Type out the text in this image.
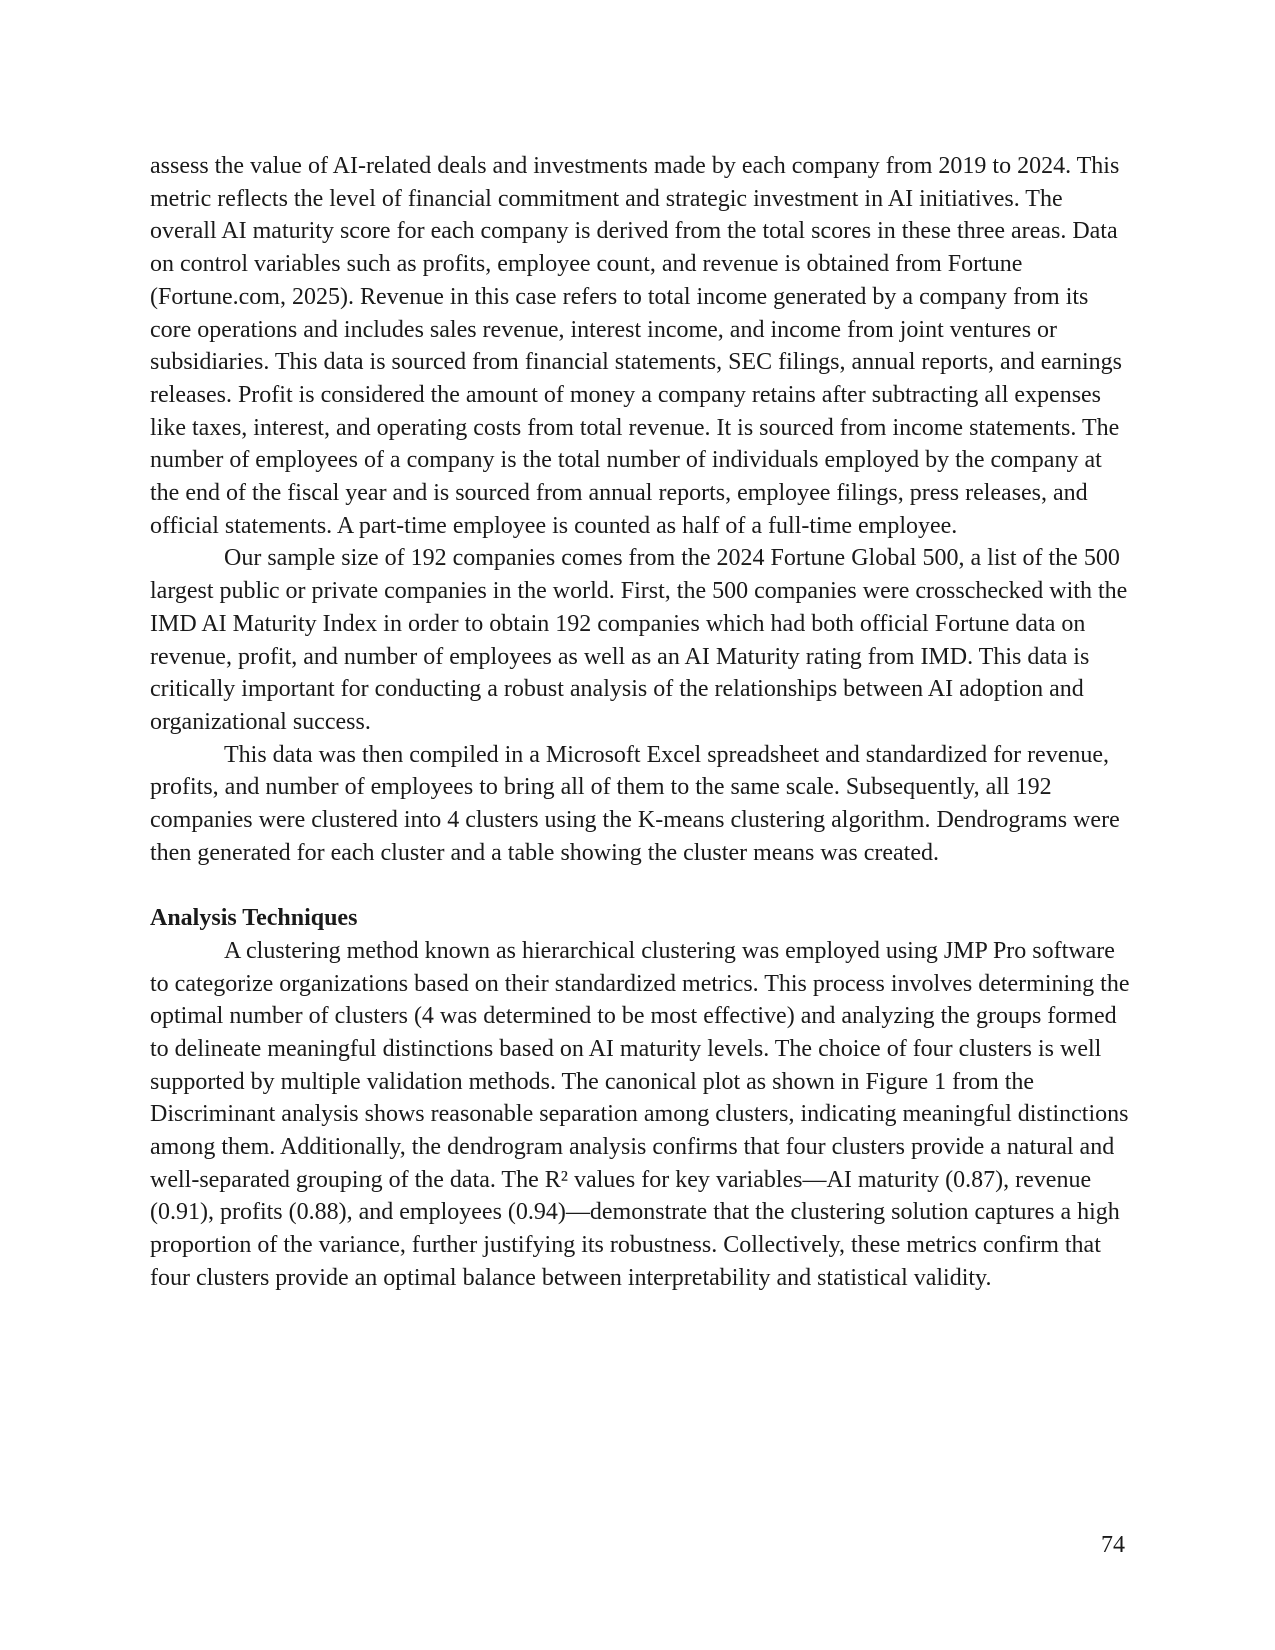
assess the value of AI-related deals and investments made by each company from 2019 to 2024. This metric reflects the level of financial commitment and strategic investment in AI initiatives. The overall AI maturity score for each company is derived from the total scores in these three areas. Data on control variables such as profits, employee count, and revenue is obtained from Fortune (Fortune.com, 2025). Revenue in this case refers to total income generated by a company from its core operations and includes sales revenue, interest income, and income from joint ventures or subsidiaries. This data is sourced from financial statements, SEC filings, annual reports, and earnings releases. Profit is considered the amount of money a company retains after subtracting all expenses like taxes, interest, and operating costs from total revenue. It is sourced from income statements. The number of employees of a company is the total number of individuals employed by the company at the end of the fiscal year and is sourced from annual reports, employee filings, press releases, and official statements. A part-time employee is counted as half of a full-time employee.

Our sample size of 192 companies comes from the 2024 Fortune Global 500, a list of the 500 largest public or private companies in the world. First, the 500 companies were crosschecked with the IMD AI Maturity Index in order to obtain 192 companies which had both official Fortune data on revenue, profit, and number of employees as well as an AI Maturity rating from IMD. This data is critically important for conducting a robust analysis of the relationships between AI adoption and organizational success.

This data was then compiled in a Microsoft Excel spreadsheet and standardized for revenue, profits, and number of employees to bring all of them to the same scale. Subsequently, all 192 companies were clustered into 4 clusters using the K-means clustering algorithm. Dendrograms were then generated for each cluster and a table showing the cluster means was created.

Analysis Techniques

A clustering method known as hierarchical clustering was employed using JMP Pro software to categorize organizations based on their standardized metrics. This process involves determining the optimal number of clusters (4 was determined to be most effective) and analyzing the groups formed to delineate meaningful distinctions based on AI maturity levels. The choice of four clusters is well supported by multiple validation methods. The canonical plot as shown in Figure 1 from the Discriminant analysis shows reasonable separation among clusters, indicating meaningful distinctions among them. Additionally, the dendrogram analysis confirms that four clusters provide a natural and well-separated grouping of the data. The R² values for key variables—AI maturity (0.87), revenue (0.91), profits (0.88), and employees (0.94)—demonstrate that the clustering solution captures a high proportion of the variance, further justifying its robustness. Collectively, these metrics confirm that four clusters provide an optimal balance between interpretability and statistical validity.

74
